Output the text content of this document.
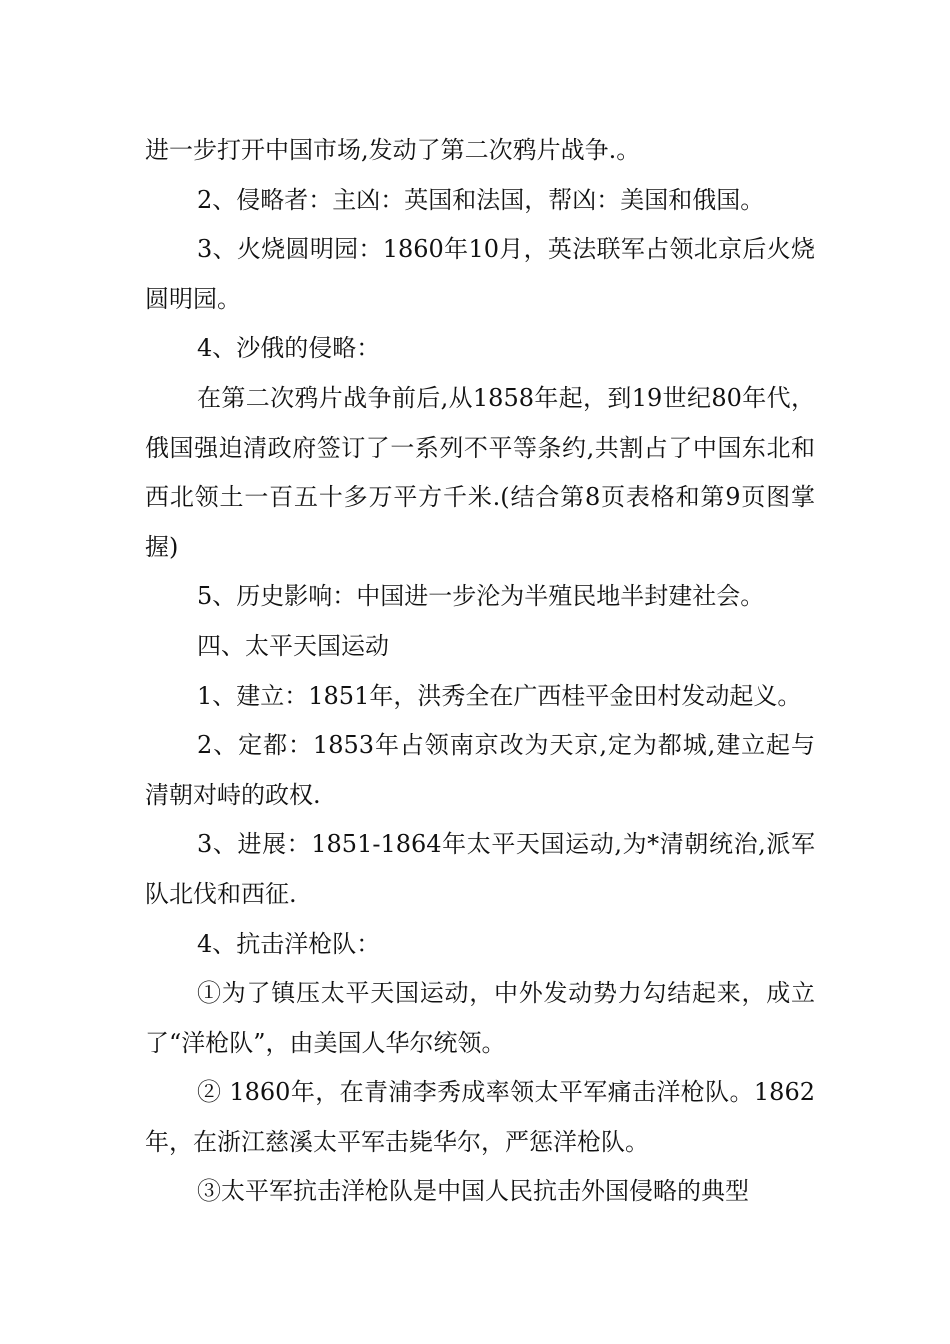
进一步打开中国市场,发动了第二次鸦片战争.。

2、侵略者：主凶：英国和法国，帮凶：美国和俄国。

3、火烧圆明园：1860年10月，英法联军占领北京后火烧圆明园。

4、沙俄的侵略：

在第二次鸦片战争前后,从1858年起，到19世纪80年代，俄国强迫清政府签订了一系列不平等条约,共割占了中国东北和西北领土一百五十多万平方千米.(结合第8页表格和第9页图掌握)

5、历史影响：中国进一步沦为半殖民地半封建社会。

四、太平天国运动

1、建立：1851年，洪秀全在广西桂平金田村发动起义。

2、定都：1853年占领南京改为天京,定为都城,建立起与清朝对峙的政权.

3、进展：1851-1864年太平天国运动,为*清朝统治,派军队北伐和西征.

4、抗击洋枪队：

①为了镇压太平天国运动，中外发动势力勾结起来，成立了“洋枪队”，由美国人华尔统领。

② 1860年，在青浦李秀成率领太平军痛击洋枪队。1862年，在浙江慈溪太平军击毙华尔，严惩洋枪队。

③太平军抗击洋枪队是中国人民抗击外国侵略的典型
